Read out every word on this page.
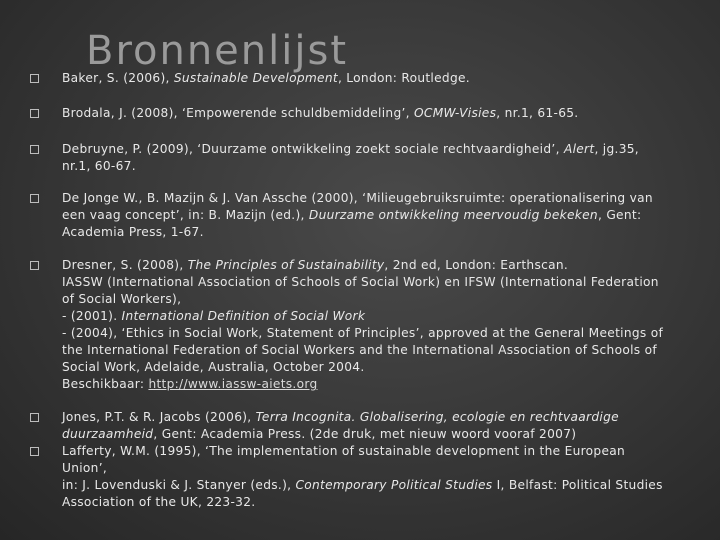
Bronnenlijst
Baker, S. (2006), Sustainable Development, London: Routledge.
Brodala, J. (2008), ‘Empowerende schuldbemiddeling’, OCMW-Visies, nr.1, 61-65.
Debruyne, P. (2009), ‘Duurzame ontwikkeling zoekt sociale rechtvaardigheid’, Alert, jg.35,
nr.1, 60-67.
De Jonge W., B. Mazijn & J. Van Assche (2000), ‘Milieugebruiksruimte: operationalisering van
een vaag concept’, in: B. Mazijn (ed.), Duurzame ontwikkeling meervoudig bekeken, Gent:
Academia Press, 1-67.
Dresner, S. (2008), The Principles of Sustainability, 2nd ed, London: Earthscan.
IASSW (International Association of Schools of Social Work) en IFSW (International Federation
of Social Workers),
- (2001). International Definition of Social Work
- (2004), ‘Ethics in Social Work, Statement of Principles’, approved at the General Meetings of
the International Federation of Social Workers and the International Association of Schools of
Social Work, Adelaide, Australia, October 2004.
Beschikbaar: http://www.iassw-aiets.org
Jones, P.T. & R. Jacobs (2006), Terra Incognita. Globalisering, ecologie en rechtvaardige
duurzaamheid, Gent: Academia Press. (2de druk, met nieuw woord vooraf 2007)
Lafferty, W.M. (1995), ‘The implementation of sustainable development in the European
Union’,
in: J. Lovenduski & J. Stanyer (eds.), Contemporary Political Studies I, Belfast: Political Studies
Association of the UK, 223-32.
